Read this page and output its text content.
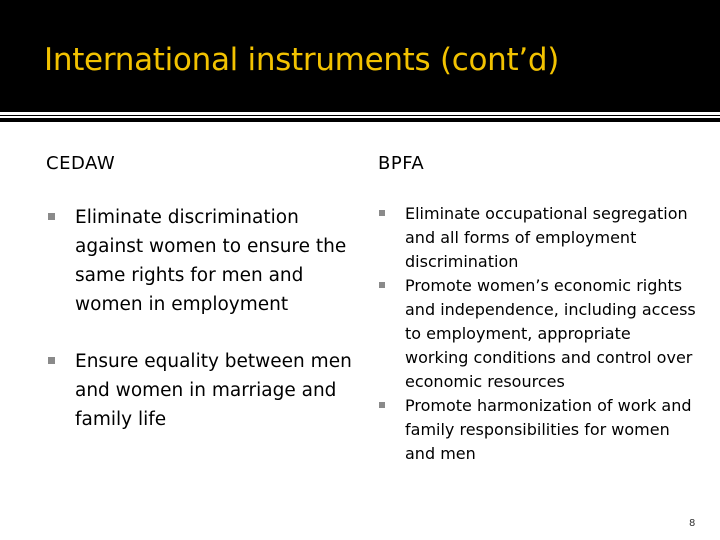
International instruments (cont’d)
CEDAW	BPFA
Eliminate discrimination against women to ensure the same rights for men and women in employment
Ensure equality between men and women in marriage and family life
Eliminate occupational segregation and all forms of employment discrimination
Promote women’s economic rights and independence, including access to employment, appropriate working conditions and control over economic resources
Promote harmonization of work and family responsibilities for women and men
8
